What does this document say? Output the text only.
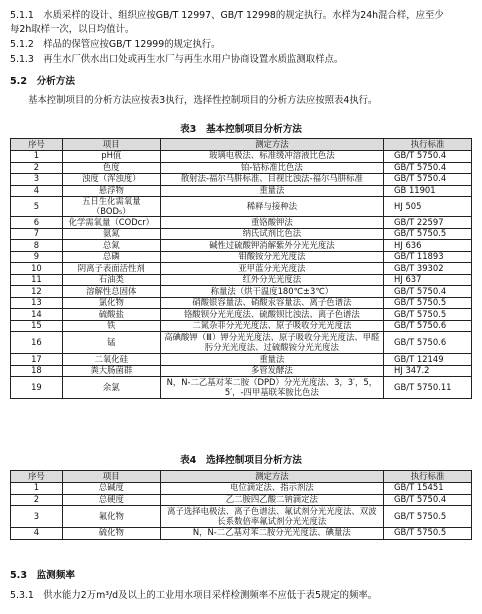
5.1.1　水质采样的设计、组织应按GB/T 12997、GB/T 12998的规定执行。水样为24h混合样，应至少
每2h取样一次，以日均值计。
5.1.2　样品的保管应按GB/T 12999的规定执行。
5.1.3　再生水厂供水出口处或再生水厂与再生水用户协商设置水质监测取样点。
5.2　分析方法
基本控制项目的分析方法应按表3执行，选择性控制项目的分析方法应按照表4执行。
表3　基本控制项目分析方法
序号	项目	测定方法	执行标准
1	pH值	玻璃电极法、标准缓冲溶液比色法	GB/T 5750.4
2	色度	铂-钴标准比色法	GB/T 5750.4
3	浊度（浑浊度）	散射法-福尔马肼标准、目视比浊法-福尔马肼标准	GB/T 5750.4
4	悬浮物	重量法	GB 11901
5	五日生化需氧量（BOD₅）	稀释与接种法	HJ 505
6	化学需氧量（CODcr）	重铬酸钾法	GB/T 22597
7	氨氮	纳氏试剂比色法	GB/T 5750.5
8	总氮	碱性过硫酸钾消解紫外分光光度法	HJ 636
9	总磷	钼酸铵分光光度法	GB/T 11893
10	阴离子表面活性剂	亚甲蓝分光光度法	GB/T 39302
11	石油类	红外分光光度法	HJ 637
12	溶解性总固体	称量法（烘干温度180℃±3℃）	GB/T 5750.4
13	氯化物	硝酸银容量法、硝酸汞容量法、离子色谱法	GB/T 5750.5
14	硫酸盐	铬酸钡分光光度法、硫酸钡比浊法、离子色谱法	GB/T 5750.5
15	铁	二氮杂菲分光光度法、原子吸收分光光度法	GB/T 5750.6
16	锰	高碘酸钾（Ⅲ）钾分光光度法、原子吸收分光光度法、甲醛肟分光光度法、过硫酸铵分光光度法	GB/T 5750.6
17	二氧化硅	重量法	GB/T 12149
18	粪大肠菌群	多管发酵法	HJ 347.2
19	余氯	N，N-二乙基对苯二胺（DPD）分光光度法、3，3′，5，5′，-四甲基联苯胺比色法	GB/T 5750.11
表4　选择控制项目分析方法
序号	项目	测定方法	执行标准
1	总碱度	电位滴定法、指示剂法	GB/T 15451
2	总硬度	乙二胺四乙酸二钠滴定法	GB/T 5750.4
3	氟化物	离子选择电极法、离子色谱法、氟试剂分光光度法、双波长系数倍率氟试剂分光光度法	GB/T 5750.5
4	硫化物	N，N-二乙基对苯二胺分光光度法、碘量法	GB/T 5750.5
5.3　监测频率
5.3.1　供水能力2万m³/d及以上的工业用水项目采样检测频率不应低于表5规定的频率。
